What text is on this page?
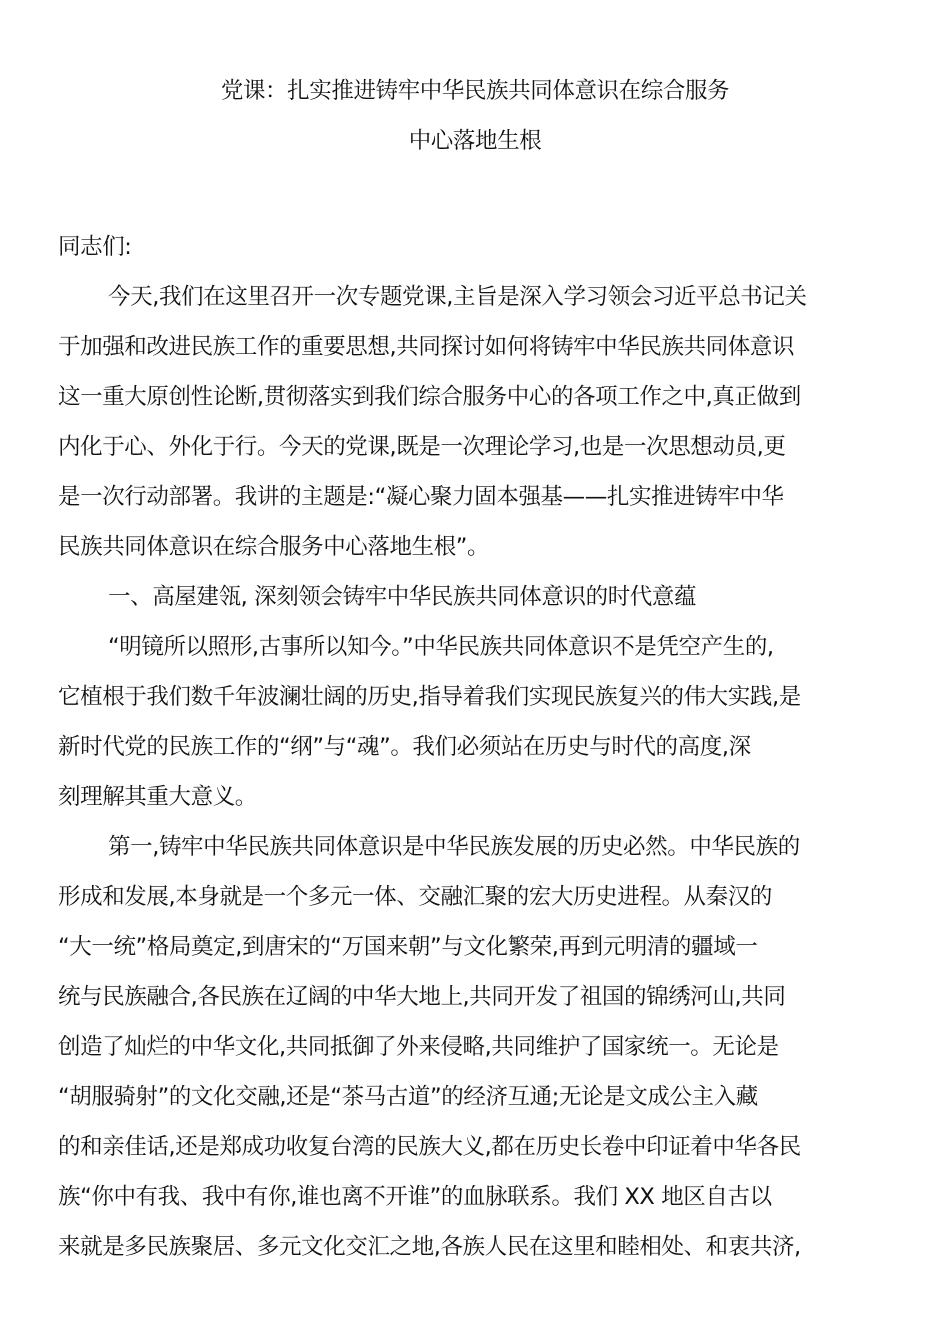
党课：扎实推进铸牢中华民族共同体意识在综合服务
中心落地生根
同志们:
今天,我们在这里召开一次专题党课,主旨是深入学习领会习近平总书记关
于加强和改进民族工作的重要思想,共同探讨如何将铸牢中华民族共同体意识
这一重大原创性论断,贯彻落实到我们综合服务中心的各项工作之中,真正做到
内化于心、外化于行。今天的党课,既是一次理论学习,也是一次思想动员,更
是一次行动部署。我讲的主题是:“凝心聚力固本强基——扎实推进铸牢中华
民族共同体意识在综合服务中心落地生根”。
一、高屋建瓴, 深刻领会铸牢中华民族共同体意识的时代意蕴
“明镜所以照形,古事所以知今。”中华民族共同体意识不是凭空产生的,
它植根于我们数千年波澜壮阔的历史,指导着我们实现民族复兴的伟大实践,是
新时代党的民族工作的“纲”与“魂”。我们必须站在历史与时代的高度,深
刻理解其重大意义。
第一,铸牢中华民族共同体意识是中华民族发展的历史必然。中华民族的
形成和发展,本身就是一个多元一体、交融汇聚的宏大历史进程。从秦汉的
“大一统”格局奠定,到唐宋的“万国来朝”与文化繁荣,再到元明清的疆域一
统与民族融合,各民族在辽阔的中华大地上,共同开发了祖国的锦绣河山,共同
创造了灿烂的中华文化,共同抵御了外来侵略,共同维护了国家统一。无论是
“胡服骑射”的文化交融,还是“茶马古道”的经济互通;无论是文成公主入藏
的和亲佳话,还是郑成功收复台湾的民族大义,都在历史长卷中印证着中华各民
族“你中有我、我中有你,谁也离不开谁”的血脉联系。我们 XX 地区自古以
来就是多民族聚居、多元文化交汇之地,各族人民在这里和睦相处、和衷共济,
